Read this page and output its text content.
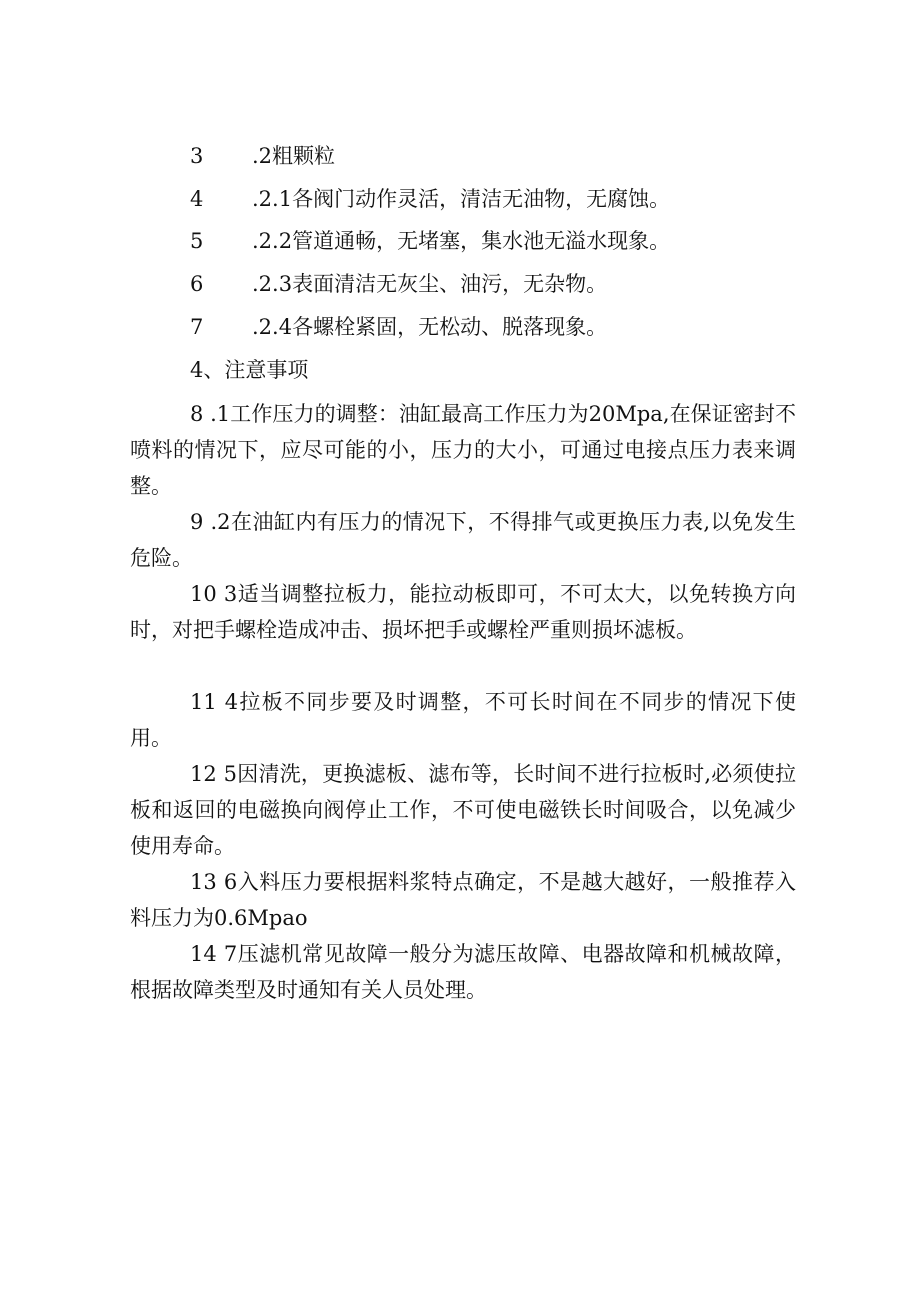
3 .2粗颗粒
4 .2.1各阀门动作灵活，清洁无油物，无腐蚀。
5 .2.2管道通畅，无堵塞，集水池无溢水现象。
6 .2.3表面清洁无灰尘、油污，无杂物。
7 .2.4各螺栓紧固，无松动、脱落现象。
4、注意事项
8 .1工作压力的调整：油缸最高工作压力为20Mpa,在保证密封不喷料的情况下，应尽可能的小，压力的大小，可通过电接点压力表来调整。
9 .2在油缸内有压力的情况下，不得排气或更换压力表,以免发生危险。
10 3适当调整拉板力，能拉动板即可，不可太大，以免转换方向时，对把手螺栓造成冲击、损坏把手或螺栓严重则损坏滤板。
11 4拉板不同步要及时调整，不可长时间在不同步的情况下使用。
12 5因清洗，更换滤板、滤布等，长时间不进行拉板时,必须使拉板和返回的电磁换向阀停止工作，不可使电磁铁长时间吸合，以免减少使用寿命。
13 6入料压力要根据料浆特点确定，不是越大越好，一般推荐入料压力为0.6Mpao
14 7压滤机常见故障一般分为滤压故障、电器故障和机械故障，根据故障类型及时通知有关人员处理。
